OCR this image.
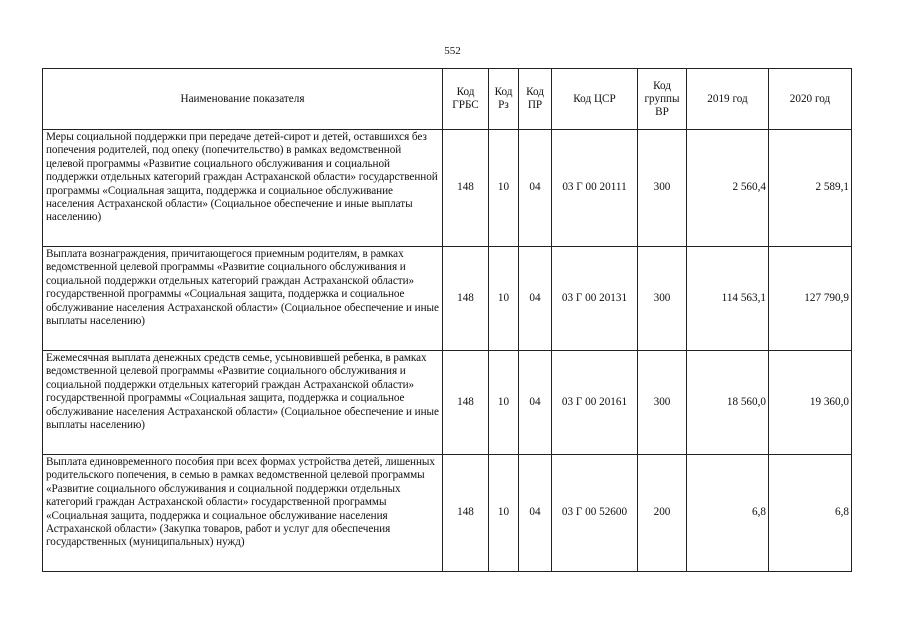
552
Наименование показателя	Код ГРБС	Код Рз	Код ПР	Код ЦСР	Код группы ВР	2019 год	2020 год
Меры социальной поддержки при передаче детей-сирот и детей, оставшихся без попечения родителей, под опеку (попечительство) в рамках ведомственной целевой программы «Развитие социального обслуживания и социальной поддержки отдельных категорий граждан Астраханской области» государственной программы «Социальная защита, поддержка и социальное обслуживание населения Астраханской области» (Социальное обеспечение и иные выплаты населению)	148	10	04	03 Г 00 20111	300	2 560,4	2 589,1
Выплата вознаграждения, причитающегося приемным родителям, в рамках ведомственной целевой программы «Развитие социального обслуживания и социальной поддержки отдельных категорий граждан Астраханской области» государственной программы «Социальная защита, поддержка и социальное обслуживание населения Астраханской области» (Социальное обеспечение и иные выплаты населению)	148	10	04	03 Г 00 20131	300	114 563,1	127 790,9
Ежемесячная выплата денежных средств семье, усыновившей ребенка, в рамках ведомственной целевой программы «Развитие социального обслуживания и социальной поддержки отдельных категорий граждан Астраханской области» государственной программы «Социальная защита, поддержка и социальное обслуживание населения Астраханской области» (Социальное обеспечение и иные выплаты населению)	148	10	04	03 Г 00 20161	300	18 560,0	19 360,0
Выплата единовременного пособия при всех формах устройства детей, лишенных родительского попечения, в семью в рамках ведомственной целевой программы «Развитие социального обслуживания и социальной поддержки отдельных категорий граждан Астраханской области» государственной программы «Социальная защита, поддержка и социальное обслуживание населения Астраханской области» (Закупка товаров, работ и услуг для обеспечения государственных (муниципальных) нужд)	148	10	04	03 Г 00 52600	200	6,8	6,8
